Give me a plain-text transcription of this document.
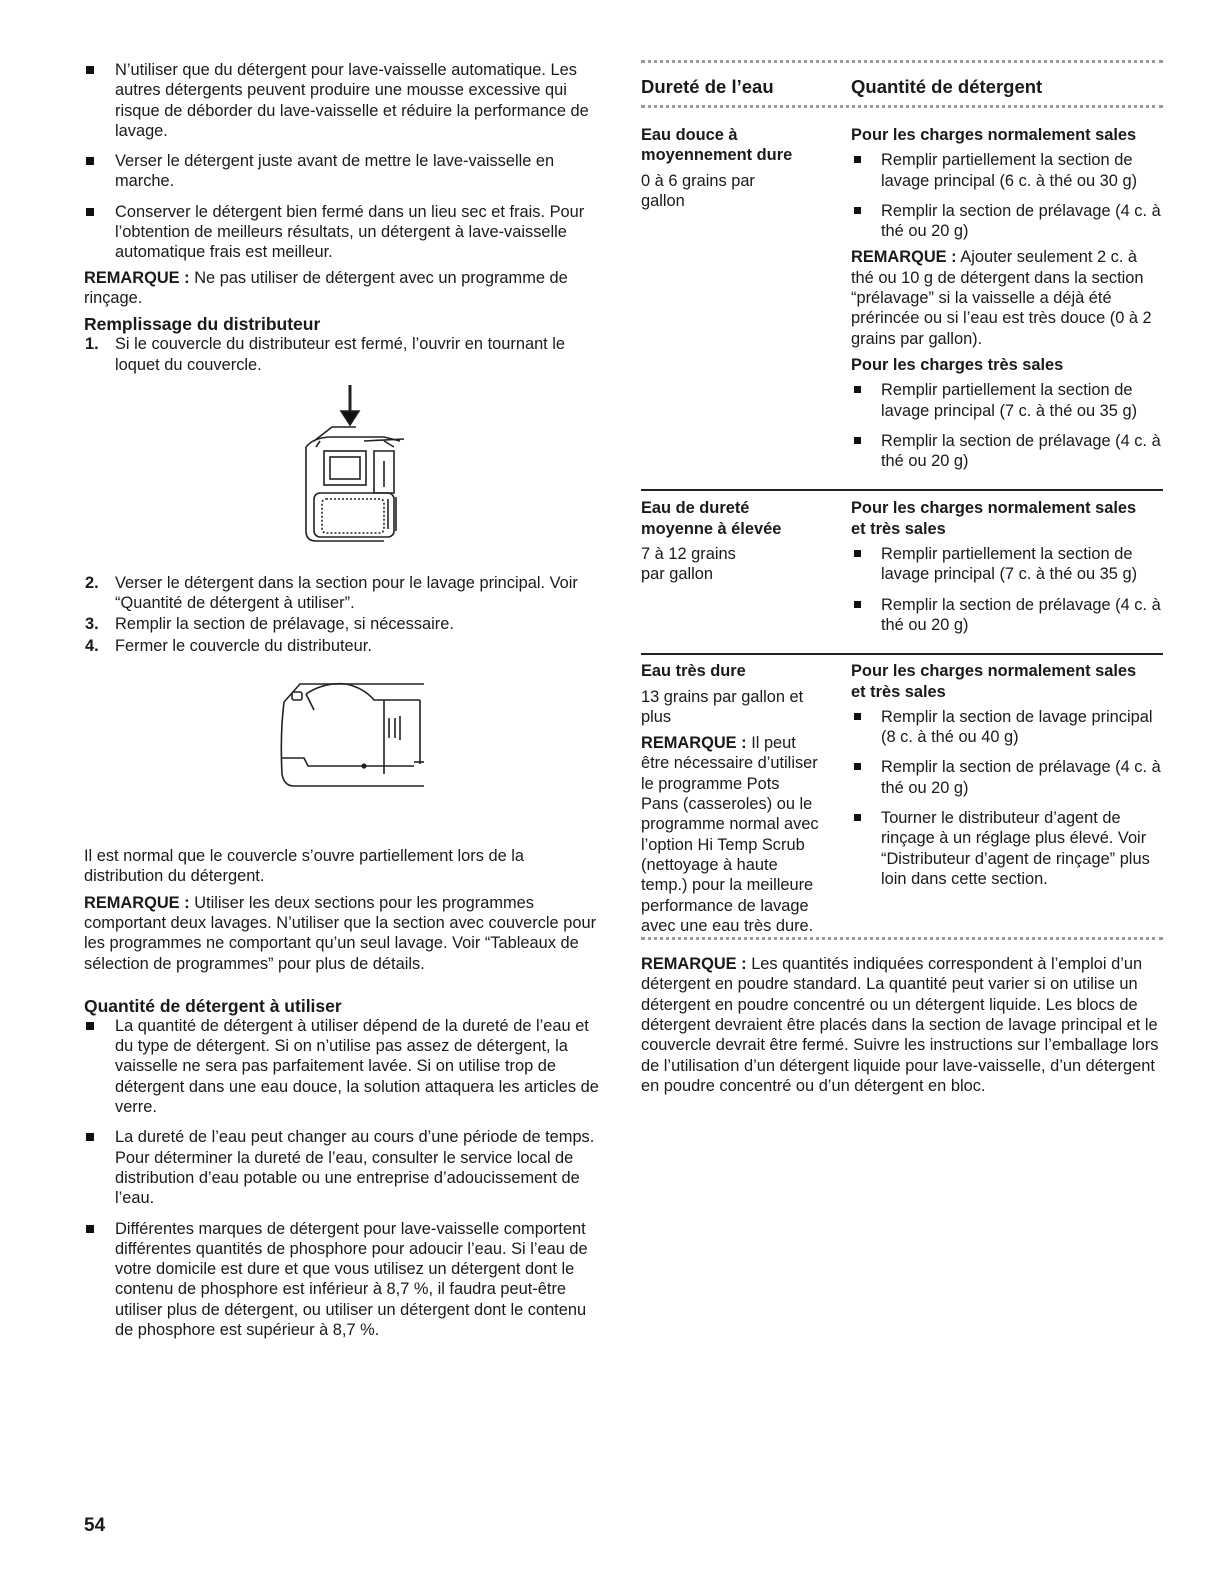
N’utiliser que du détergent pour lave-vaisselle automatique. Les autres détergents peuvent produire une mousse excessive qui risque de déborder du lave-vaisselle et réduire la performance de lavage.
Verser le détergent juste avant de mettre le lave-vaisselle en marche.
Conserver le détergent bien fermé dans un lieu sec et frais. Pour l’obtention de meilleurs résultats, un détergent à lave-vaisselle automatique frais est meilleur.

REMARQUE : Ne pas utiliser de détergent avec un programme de rinçage.

Remplissage du distributeur
1. Si le couvercle du distributeur est fermé, l’ouvrir en tournant le loquet du couvercle.
2. Verser le détergent dans la section pour le lavage principal. Voir “Quantité de détergent à utiliser”.
3. Remplir la section de prélavage, si nécessaire.
4. Fermer le couvercle du distributeur.

Il est normal que le couvercle s’ouvre partiellement lors de la distribution du détergent.

REMARQUE : Utiliser les deux sections pour les programmes comportant deux lavages. N’utiliser que la section avec couvercle pour les programmes ne comportant qu’un seul lavage. Voir “Tableaux de sélection de programmes” pour plus de détails.

Quantité de détergent à utiliser
La quantité de détergent à utiliser dépend de la dureté de l’eau et du type de détergent. Si on n’utilise pas assez de détergent, la vaisselle ne sera pas parfaitement lavée. Si on utilise trop de détergent dans une eau douce, la solution attaquera les articles de verre.
La dureté de l’eau peut changer au cours d’une période de temps. Pour déterminer la dureté de l’eau, consulter le service local de distribution d’eau potable ou une entreprise d’adoucissement de l’eau.
Différentes marques de détergent pour lave-vaisselle comportent différentes quantités de phosphore pour adoucir l’eau. Si l’eau de votre domicile est dure et que vous utilisez un détergent dont le contenu de phosphore est inférieur à 8,7 %, il faudra peut-être utiliser plus de détergent, ou utiliser un détergent dont le contenu de phosphore est supérieur à 8,7 %.
Dureté de l’eau	Quantité de détergent
Eau douce à moyennement dure
0 à 6 grains par gallon
Pour les charges normalement sales
Remplir partiellement la section de lavage principal (6 c. à thé ou 30 g)
Remplir la section de prélavage (4 c. à thé ou 20 g)

REMARQUE : Ajouter seulement 2 c. à thé ou 10 g de détergent dans la section “prélavage” si la vaisselle a déjà été prérincée ou si l’eau est très douce (0 à 2 grains par gallon).

Pour les charges très sales
Remplir partiellement la section de lavage principal (7 c. à thé ou 35 g)
Remplir la section de prélavage (4 c. à thé ou 20 g)
Eau de dureté moyenne à élevée
7 à 12 grains par gallon
Pour les charges normalement sales et très sales
Remplir partiellement la section de lavage principal (7 c. à thé ou 35 g)
Remplir la section de prélavage (4 c. à thé ou 20 g)
Eau très dure
13 grains par gallon et plus

REMARQUE : Il peut être nécessaire d’utiliser le programme Pots Pans (casseroles) ou le programme normal avec l’option Hi Temp Scrub (nettoyage à haute temp.) pour la meilleure performance de lavage avec une eau très dure.

Pour les charges normalement sales et très sales
Remplir la section de lavage principal (8 c. à thé ou 40 g)
Remplir la section de prélavage (4 c. à thé ou 20 g)
Tourner le distributeur d’agent de rinçage à un réglage plus élevé. Voir “Distributeur d’agent de rinçage” plus loin dans cette section.

REMARQUE : Les quantités indiquées correspondent à l’emploi d’un détergent en poudre standard. La quantité peut varier si on utilise un détergent en poudre concentré ou un détergent liquide. Les blocs de détergent devraient être placés dans la section de lavage principal et le couvercle devrait être fermé. Suivre les instructions sur l’emballage lors de l’utilisation d’un détergent liquide pour lave-vaisselle, d’un détergent en poudre concentré ou d’un détergent en bloc.

54
